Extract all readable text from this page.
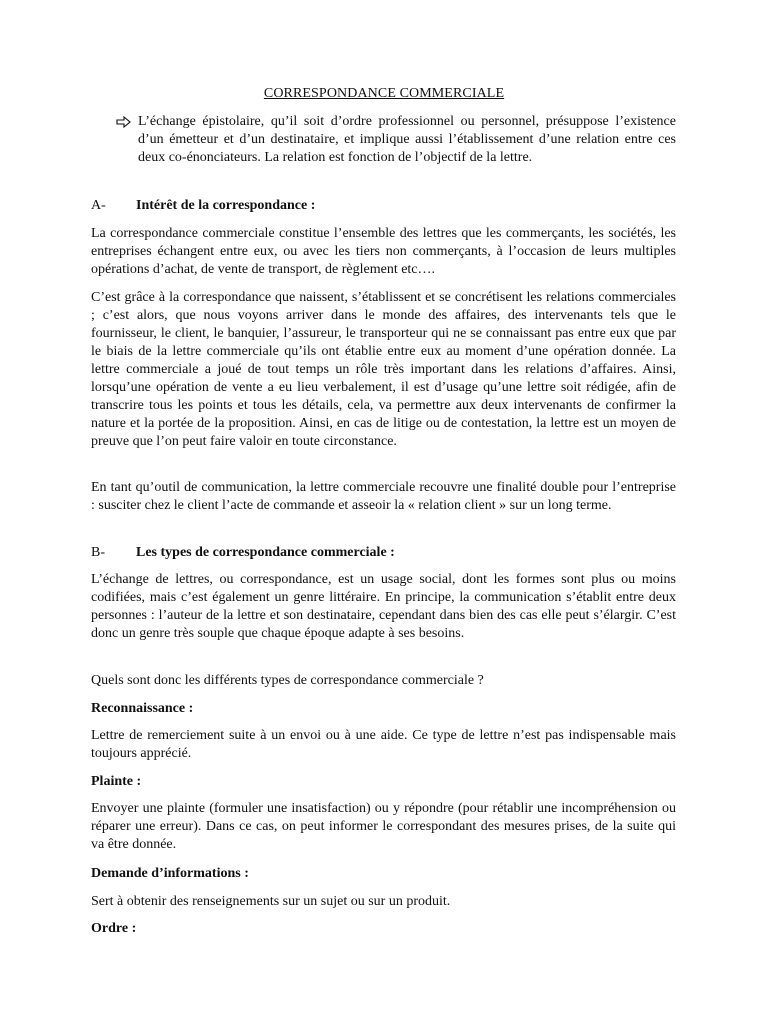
CORRESPONDANCE COMMERCIALE
L’échange épistolaire, qu’il soit d’ordre professionnel ou personnel, présuppose l’existence d’un émetteur et d’un destinataire, et implique aussi l’établissement d’une relation entre ces deux co-énonciateurs. La relation est fonction de l’objectif de la lettre.
A- Intérêt de la correspondance :
La correspondance commerciale constitue l’ensemble des lettres que les commerçants, les sociétés, les entreprises échangent entre eux, ou avec les tiers non commerçants, à l’occasion de leurs multiples opérations d’achat, de vente de transport, de règlement etc….
C’est grâce à la correspondance que naissent, s’établissent et se concrétisent les relations commerciales ; c’est alors, que nous voyons arriver dans le monde des affaires, des intervenants tels que le fournisseur, le client, le banquier, l’assureur, le transporteur qui ne se connaissant pas entre eux que par le biais de la lettre commerciale qu’ils ont établie entre eux au moment d’une opération donnée. La lettre commerciale a joué de tout temps un rôle très important dans les relations d’affaires. Ainsi, lorsqu’une opération de vente a eu lieu verbalement, il est d’usage qu’une lettre soit rédigée, afin de transcrire tous les points et tous les détails, cela, va permettre aux deux intervenants de confirmer la nature et la portée de la proposition. Ainsi, en cas de litige ou de contestation, la lettre est un moyen de preuve que l’on peut faire valoir en toute circonstance.
En tant qu’outil de communication, la lettre commerciale recouvre une finalité double pour l’entreprise : susciter chez le client l’acte de commande et asseoir la « relation client » sur un long terme.
B- Les types de correspondance commerciale :
L’échange de lettres, ou correspondance, est un usage social, dont les formes sont plus ou moins codifiées, mais c’est également un genre littéraire. En principe, la communication s’établit entre deux personnes : l’auteur de la lettre et son destinataire, cependant dans bien des cas elle peut s’élargir. C’est donc un genre très souple que chaque époque adapte à ses besoins.
Quels sont donc les différents types de correspondance commerciale ?
Reconnaissance :
Lettre de remerciement suite à un envoi ou à une aide. Ce type de lettre n’est pas indispensable mais toujours apprécié.
Plainte :
Envoyer une plainte (formuler une insatisfaction) ou y répondre (pour rétablir une incompréhension ou réparer une erreur). Dans ce cas, on peut informer le correspondant des mesures prises, de la suite qui va être donnée.
Demande d’informations :
Sert à obtenir des renseignements sur un sujet ou sur un produit.
Ordre :
